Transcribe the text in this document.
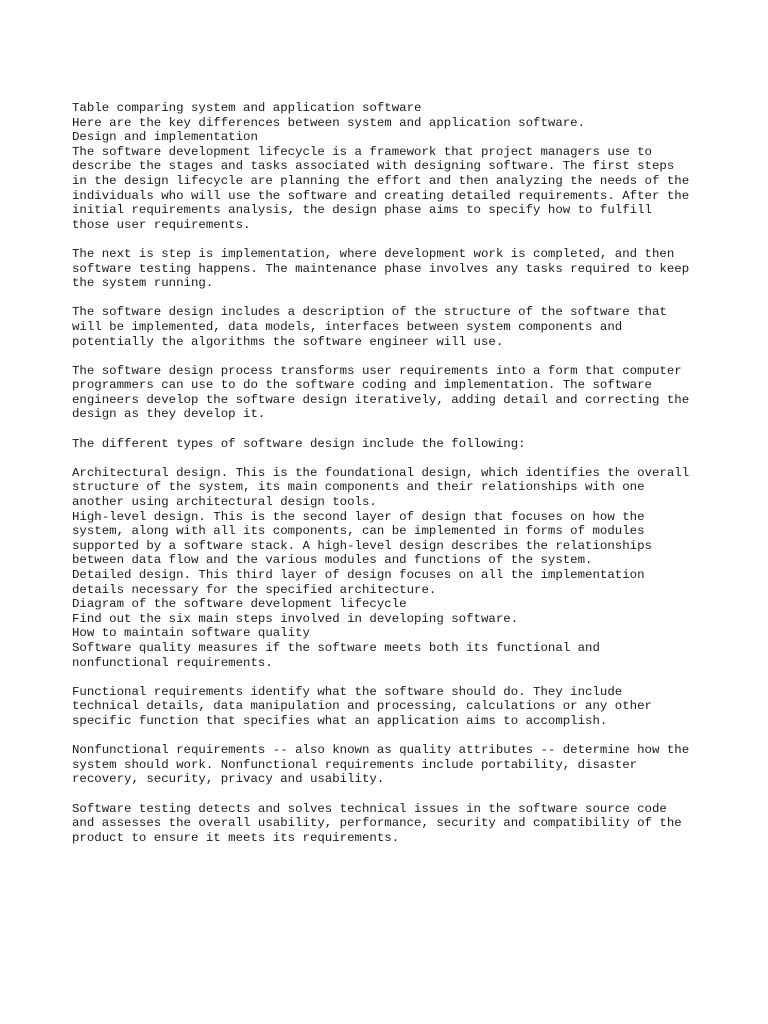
Table comparing system and application software
Here are the key differences between system and application software.
Design and implementation
The software development lifecycle is a framework that project managers use to
describe the stages and tasks associated with designing software. The first steps
in the design lifecycle are planning the effort and then analyzing the needs of the
individuals who will use the software and creating detailed requirements. After the
initial requirements analysis, the design phase aims to specify how to fulfill
those user requirements.

The next is step is implementation, where development work is completed, and then
software testing happens. The maintenance phase involves any tasks required to keep
the system running.

The software design includes a description of the structure of the software that
will be implemented, data models, interfaces between system components and
potentially the algorithms the software engineer will use.

The software design process transforms user requirements into a form that computer
programmers can use to do the software coding and implementation. The software
engineers develop the software design iteratively, adding detail and correcting the
design as they develop it.

The different types of software design include the following:

Architectural design. This is the foundational design, which identifies the overall
structure of the system, its main components and their relationships with one
another using architectural design tools.
High-level design. This is the second layer of design that focuses on how the
system, along with all its components, can be implemented in forms of modules
supported by a software stack. A high-level design describes the relationships
between data flow and the various modules and functions of the system.
Detailed design. This third layer of design focuses on all the implementation
details necessary for the specified architecture.
Diagram of the software development lifecycle
Find out the six main steps involved in developing software.
How to maintain software quality
Software quality measures if the software meets both its functional and
nonfunctional requirements.

Functional requirements identify what the software should do. They include
technical details, data manipulation and processing, calculations or any other
specific function that specifies what an application aims to accomplish.

Nonfunctional requirements -- also known as quality attributes -- determine how the
system should work. Nonfunctional requirements include portability, disaster
recovery, security, privacy and usability.

Software testing detects and solves technical issues in the software source code
and assesses the overall usability, performance, security and compatibility of the
product to ensure it meets its requirements.
